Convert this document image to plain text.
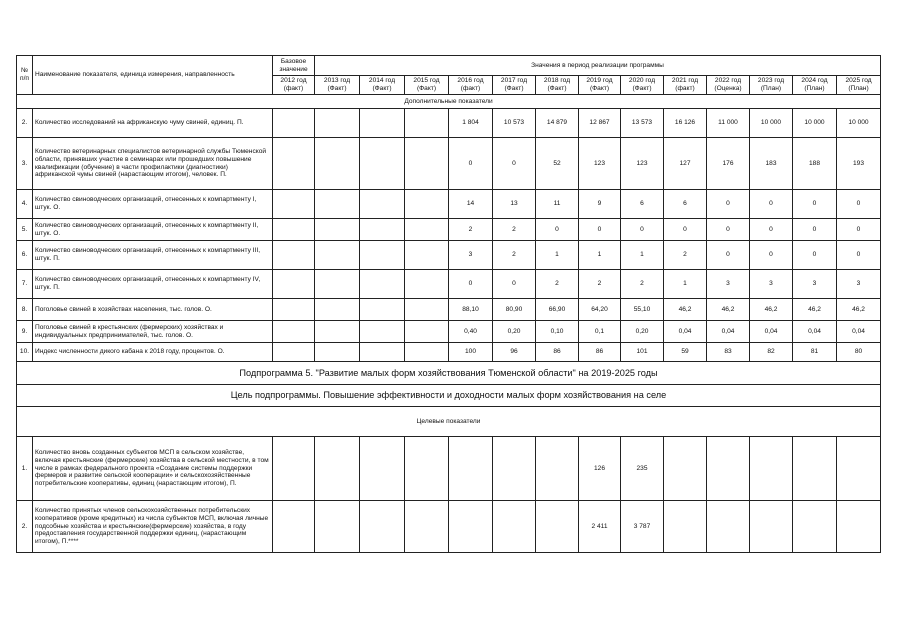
№ п/п	Наименование показателя, единица измерения, направленность	Базовое значение	Значения в период реализации программы												
		2012 год (факт)	2013 год (Факт)	2014 год (Факт)	2015 год (Факт)	2016 год (факт)	2017 год (Факт)	2018 год (Факт)	2019 год (Факт)	2020 год (Факт)	2021 год (факт)	2022 год (Оценка)	2023 год (План)	2024 год (План)	2025 год (План)
Дополнительные показатели															
2.	Количество исследований на африканскую чуму свиней, единиц. П.					1 804	10 573	14 879	12 867	13 573	16 126	11 000	10 000	10 000	10 000
3.	Количество ветеринарных специалистов ветеринарной службы Тюменской области, принявших участие в семинарах или прошедших повышение квалификации (обучение) в части профилактики (диагностики) африканской чумы свиней (нарастающим итогом), человек. П.					0	0	52	123	123	127	176	183	188	193
4.	Количество свиноводческих организаций, отнесенных к компартменту I, штук. О.					14	13	11	9	6	6	0	0	0	0
5.	Количество свиноводческих организаций, отнесенных к компартменту II, штук. О.					2	2	0	0	0	0	0	0	0	0
6.	Количество свиноводческих организаций, отнесенных к компартменту III, штук. П.					3	2	1	1	1	2	0	0	0	0
7.	Количество свиноводческих организаций, отнесенных к компартменту IV, штук. П.					0	0	2	2	2	1	3	3	3	3
8.	Поголовье свиней в хозяйствах населения, тыс. голов. О.					88,10	80,90	66,90	64,20	55,10	46,2	46,2	46,2	46,2	46,2
9.	Поголовье свиней в крестьянских (фермерских) хозяйствах и индивидуальных предпринимателей, тыс. голов. О.					0,40	0,20	0,10	0,1	0,20	0,04	0,04	0,04	0,04	0,04
10.	Индекс численности дикого кабана к 2018 году, процентов. О.					100	96	86	86	101	59	83	82	81	80
Подпрограмма 5. "Развитие малых форм хозяйствования Тюменской области" на 2019-2025 годы															
Цель подпрограммы. Повышение эффективности и доходности малых форм хозяйствования на селе															
Целевые показатели															
1.	Количество вновь созданных субъектов МСП в сельском хозяйстве, включая крестьянские (фермерские) хозяйства в сельской местности, в том числе в рамках федерального проекта «Создание системы поддержки фермеров и развитие сельской кооперации» и сельскохозяйственные потребительские кооперативы, единиц (нарастающим итогом), П.								126	235					
2.	Количество принятых членов сельскохозяйственных потребительских кооперативов (кроме кредитных) из числа субъектов МСП, включая личные подсобные хозяйства и крестьянские(фермерские) хозяйства, в году предоставления государственной поддержки единиц, (нарастающим итогом), П.****								2 411	3 787					
